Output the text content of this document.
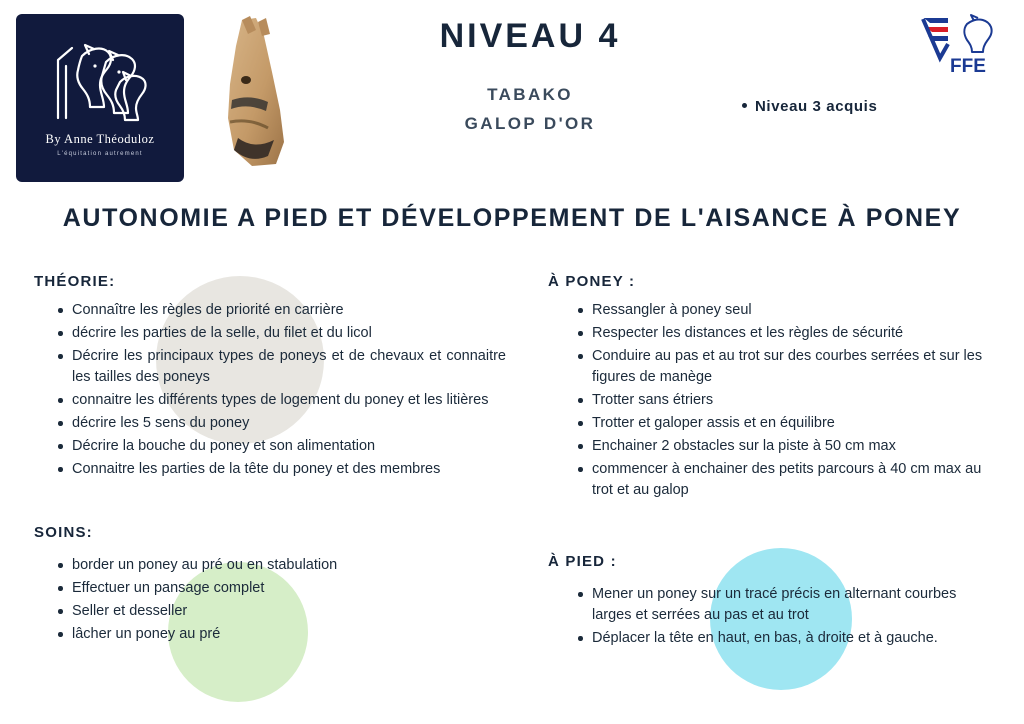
By Anne Théoduloz
L'équitation autrement
NIVEAU 4
TABAKO
GALOP D'OR
Niveau 3 acquis
FFE
AUTONOMIE A PIED ET DÉVELOPPEMENT DE L'AISANCE À PONEY
THÉORIE:
Connaître les règles de priorité en carrière
décrire les parties de la selle, du filet et du licol
Décrire les principaux types de poneys et de chevaux et connaitre les tailles des poneys
connaitre les différents types de logement du poney et les litières
décrire les 5 sens du poney
Décrire la bouche du poney et son alimentation
Connaitre les parties de la tête du poney et des membres
SOINS:
border un poney au pré ou en stabulation
Effectuer un pansage complet
Seller et desseller
lâcher un poney au pré
À PONEY :
Ressangler à poney seul
Respecter les distances et les règles de sécurité
Conduire au pas et au trot sur des courbes serrées et sur les figures de manège
Trotter sans étriers
Trotter et galoper assis et en équilibre
Enchainer 2 obstacles sur la piste à 50 cm max
commencer à enchainer des petits parcours à 40 cm max au trot et au galop
À PIED :
Mener un poney sur un tracé précis en alternant courbes larges et serrées au pas et au trot
Déplacer la tête en haut, en bas, à droite et à gauche.
